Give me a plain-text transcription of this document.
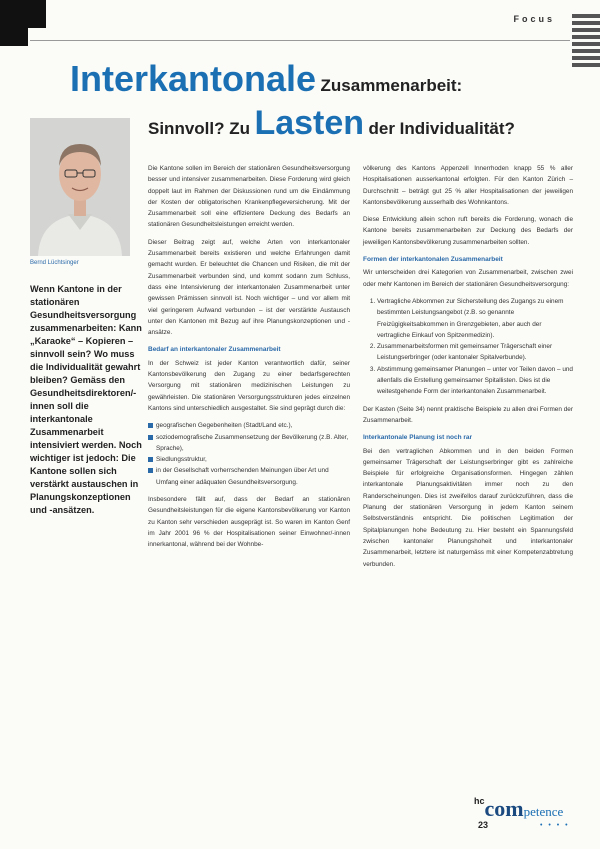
Focus
Interkantonale Zusammenarbeit:
Sinnvoll? Zu Lasten der Individualität?
Bernd Lüchtsinger
Wenn Kantone in der stationären Gesundheitsversorgung zusammenarbeiten: Kann „Karaoke“ – Kopieren – sinnvoll sein? Wo muss die Individualität gewahrt bleiben? Gemäss den Gesundheitsdirektoren/-innen soll die interkantonale Zusammenarbeit intensiviert werden. Noch wichtiger ist jedoch: Die Kantone sollen sich verstärkt austauschen in Planungskonzeptionen und -ansätzen.

Die Kantone sollen im Bereich der stationären Gesundheitsversorgung besser und intensiver zusammenarbeiten. Diese Forderung wird gleich doppelt laut im Rahmen der Diskussionen rund um die Eindämmung der Kosten der obligatorischen Krankenpflegeversicherung. Mit der Zusammenarbeit soll eine effizientere Deckung des Bedarfs an stationären Gesundheitsleistungen erreicht werden.

Dieser Beitrag zeigt auf, welche Arten von interkantonaler Zusammenarbeit bereits existieren und welche Erfahrungen damit gemacht wurden. Er beleuchtet die Chancen und Risiken, die mit der Zusammenarbeit verbunden sind, und kommt sodann zum Schluss, dass eine Intensivierung der interkantonalen Zusammenarbeit unter gewissen Prämissen sinnvoll ist. Noch wichtiger – und vor allem mit viel geringerem Aufwand verbunden – ist der verstärkte Austausch unter den Kantonen mit Bezug auf ihre Planungskonzeptionen und -ansätze.

Bedarf an interkantonaler Zusammenarbeit

In der Schweiz ist jeder Kanton verantwortlich dafür, seiner Kantonsbevölkerung den Zugang zu einer bedarfsgerechten Versorgung mit stationären medizinischen Leistungen zu gewährleisten. Die stationären Versorgungsstrukturen jedes einzelnen Kantons sind unterschiedlich ausgestaltet. Sie sind geprägt durch die:

geografischen Gegebenheiten (Stadt/Land etc.),
soziodemografische Zusammensetzung der Bevölkerung (z.B. Alter, Sprache),
Siedlungsstruktur,
in der Gesellschaft vorherrschenden Meinungen über Art und Umfang einer adäquaten Gesundheitsversorgung.

Insbesondere fällt auf, dass der Bedarf an stationären Gesundheitsleistungen für die eigene Kantonsbevölkerung vor Kanton zu Kanton sehr verschieden ausgeprägt ist. So waren im Kanton Genf im Jahr 2001 96 % der Hospitalisationen seiner Einwohner/-innen innerkantonal, während bei der Wohnbe-

völkerung des Kantons Appenzell Innerrhoden knapp 55 % aller Hospitalisationen ausserkantonal erfolgten. Für den Kanton Zürich – Durchschnitt – beträgt gut 25 % aller Hospitalisationen der jeweiligen Kantonsbevölkerung ausserhalb des Wohnkantons.

Diese Entwicklung allein schon ruft bereits die Forderung, wonach die Kantone bereits zusammenarbeiten zur Deckung des Bedarfs der jeweiligen Kantonsbevölkerung zusammenarbeiten sollten.

Formen der interkantonalen Zusammenarbeit

Wir unterscheiden drei Kategorien von Zusammenarbeit, zwischen zwei oder mehr Kantonen im Bereich der stationären Gesundheitsversorgung:

1. Vertragliche Abkommen zur Sicherstellung des Zugangs zu einem bestimmten Leistungsangebot (z.B. so genannte Freizügigkeitsabkommen in Grenzgebieten, aber auch der vertragliche Einkauf von Spitzenmedizin).
2. Zusammenarbeitsformen mit gemeinsamer Trägerschaft einer Leistungserbringer (oder kantonaler Spitalverbunde).
3. Abstimmung gemeinsamer Planungen – unter vor Teilen davon – und allenfalls die Erstellung gemeinsamer Spitallisten. Dies ist die weitestgehende Form der interkantonalen Zusammenarbeit.

Der Kasten (Seite 34) nennt praktische Beispiele zu allen drei Formen der Zusammenarbeit.

Interkantonale Planung ist noch rar

Bei den vertraglichen Abkommen und in den beiden Formen gemeinsamer Trägerschaft der Leistungserbringer gibt es zahlreiche Beispiele für erfolgreiche Organisationsformen. Hingegen zählen interkantonale Planungsaktivitäten immer noch zu den Randerscheinungen. Dies ist zweifellos darauf zurückzuführen, dass die Planung der stationären Versorgung in jedem Kanton seinem Selbstverständnis entspricht. Die politischen Legitimation der Spitalplanungen hohe Bedeutung zu. Hier besteht ein Spannungsfeld zwischen kantonaler Planungshoheit und interkantonaler Zusammenarbeit, letztere ist naturgemäss mit einer Kompetenzabtretung verbunden.

$^{hc}$competence
23	• • • •
